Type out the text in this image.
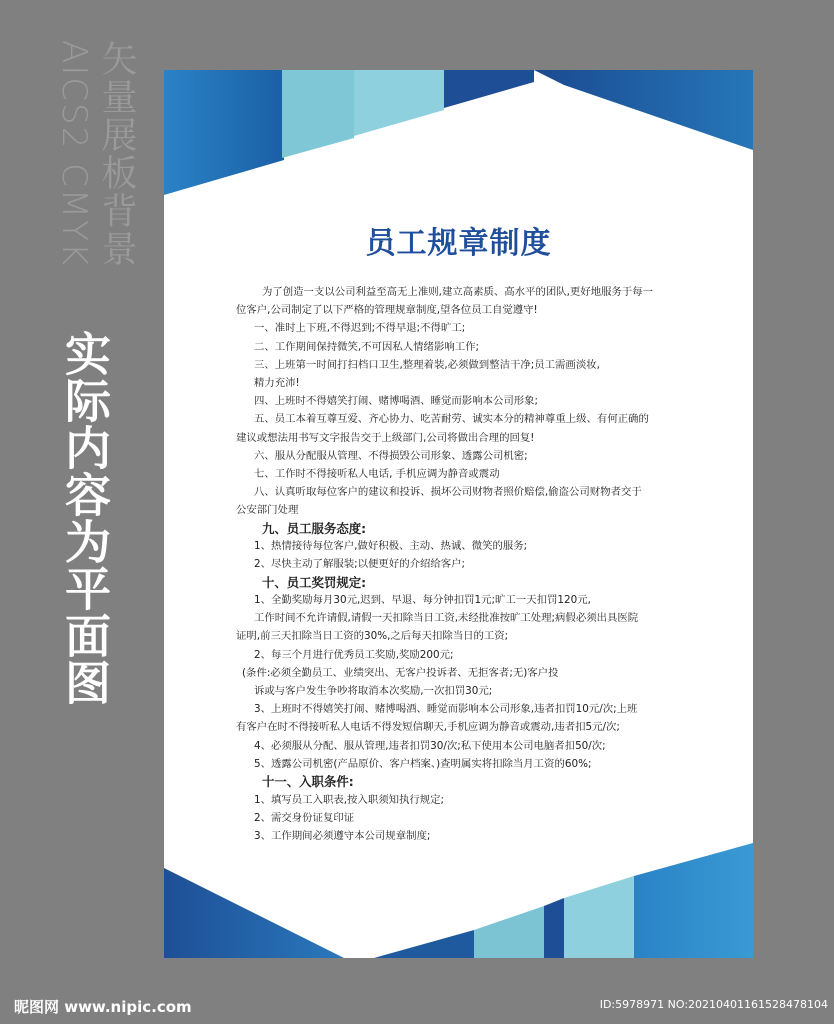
AICS2 CMYK 矢量展板背景
实际内容为平面图
员工规章制度

为了创造一支以公司利益至高无上准则,建立高素质、高水平的团队,更好地服务于每一

位客户,公司制定了以下严格的管理规章制度,望各位员工自觉遵守!

一、准时上下班,不得迟到;不得早退;不得旷工;

二、工作期间保持微笑,不可因私人情绪影响工作;

三、上班第一时间打扫档口卫生,整理着装,必须做到整洁干净;员工需画淡妆,

精力充沛!

四、上班时不得嬉笑打闹、赌博喝酒、睡觉而影响本公司形象;

五、员工本着互尊互爱、齐心协力、吃苦耐劳、诚实本分的精神尊重上级、有何正确的

建议或想法用书写文字报告交于上级部门,公司将做出合理的回复!

六、服从分配服从管理、不得损毁公司形象、透露公司机密;

七、工作时不得接听私人电话, 手机应调为静音或震动

八、认真听取每位客户的建议和投诉、损坏公司财物者照价赔偿,偷盗公司财物者交于

公安部门处理

九、员工服务态度:

1、热情接待每位客户,做好积极、主动、热诚、微笑的服务;

2、尽快主动了解服装;以便更好的介绍给客户;

十、员工奖罚规定:

1、全勤奖励每月30元,迟到、早退、每分钟扣罚1元;旷工一天扣罚120元,

工作时间不允许请假,请假一天扣除当日工资,未经批准按旷工处理;病假必须出具医院

证明,前三天扣除当日工资的30%,之后每天扣除当日的工资;

2、每三个月进行优秀员工奖励,奖励200元;

(条件:必须全勤员工、业绩突出、无客户投诉者、无拒客者;无)客户投

诉或与客户发生争吵将取消本次奖励,一次扣罚30元;

3、上班时不得嬉笑打闹、赌博喝酒、睡觉而影响本公司形象,违者扣罚10元/次;上班

有客户在时不得接听私人电话不得发短信聊天,手机应调为静音或震动,违者扣5元/次;

4、必须服从分配、服从管理,违者扣罚30/次;私下使用本公司电脑者扣50/次;

5、透露公司机密(产品原价、客户档案、)查明属实将扣除当月工资的60%;

十一、入职条件:

1、填写员工入职表,按入职须知执行规定;

2、需交身份证复印证

3、工作期间必须遵守本公司规章制度;

昵图网 www.nipic.com	ID:5978971 NO:20210401161528478104
